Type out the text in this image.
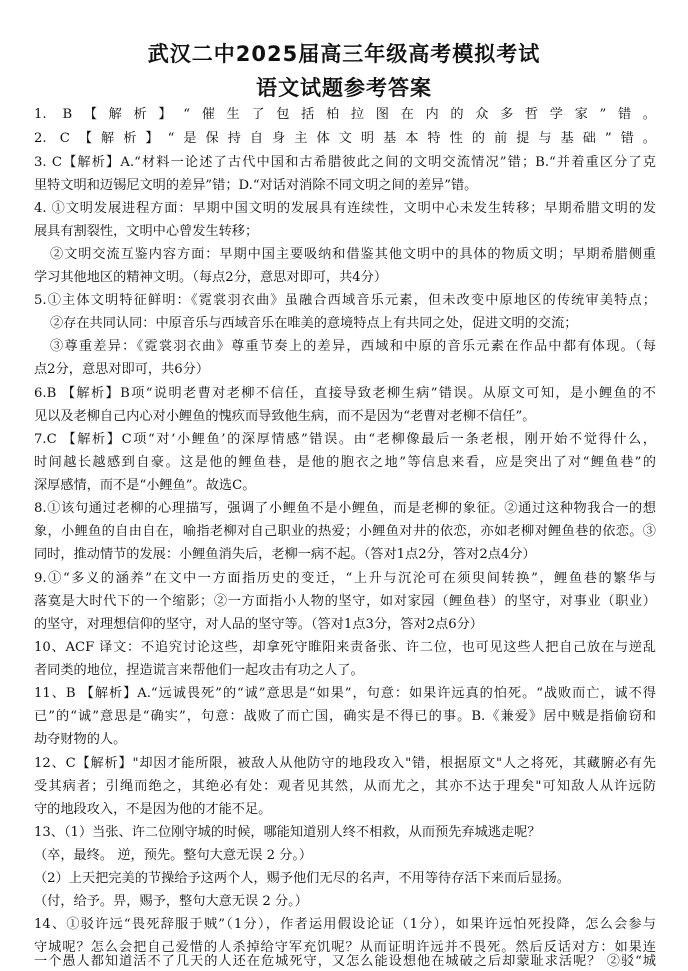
武汉二中2025届高三年级高考模拟考试
语文试题参考答案
1. B【解析】“催生了包括柏拉图在内的众多哲学家”错。
2. C【解析】“是保持自身主体文明基本特性的前提与基础”错。
3. C【解析】A.“材料一论述了古代中国和古希腊彼此之间的文明交流情况”错；B.“并着重区分了克
里特文明和迈锡尼文明的差异”错；D.“对话对消除不同文明之间的差异”错。
4. ①文明发展进程方面：早期中国文明的发展具有连续性，文明中心未发生转移；早期希腊文明的发
展具有割裂性，文明中心曾发生转移；
②文明交流互鉴内容方面：早期中国主要吸纳和借鉴其他文明中的具体的物质文明；早期希腊侧重
学习其他地区的精神文明。（每点2分，意思对即可，共4分）
5.①主体文明特征鲜明：《霓裳羽衣曲》虽融合西域音乐元素，但未改变中原地区的传统审美特点；
②存在共同认同：中原音乐与西域音乐在唯美的意境特点上有共同之处，促进文明的交流；
③尊重差异：《霓裳羽衣曲》尊重节奏上的差异，西域和中原的音乐元素在作品中都有体现。（每
点2分，意思对即可，共6分）
6.B 【解析】B项“说明老曹对老柳不信任，直接导致老柳生病”错误。从原文可知，是小鲤鱼的不
见以及老柳自己内心对小鲤鱼的愧疚而导致他生病，而不是因为“老曹对老柳不信任”。
7.C 【解析】C项“对‘小鲤鱼’的深厚情感”错误。由“老柳像最后一条老根，刚开始不觉得什么，
时间越长越感到自豪。这是他的鲤鱼巷，是他的胞衣之地”等信息来看，应是突出了对“鲤鱼巷”的
深厚感情，而不是“小鲤鱼”。故选C。
8.①该句通过老柳的心理描写，强调了小鲤鱼不是小鲤鱼，而是老柳的象征。②通过这种物我合一的想
象，小鲤鱼的自由自在，喻指老柳对自己职业的热爱；小鲤鱼对井的依恋，亦如老柳对鲤鱼巷的依恋。③
同时，推动情节的发展：小鲤鱼消失后，老柳一病不起。（答对1点2分，答对2点4分）
9.①“多义的涵养”在文中一方面指历史的变迁，“上升与沉沦可在须臾间转换”，鲤鱼巷的繁华与
落寞是大时代下的一个缩影；②一方面指小人物的坚守，如对家园（鲤鱼巷）的坚守，对事业（职业）
的坚守，对理想信仰的坚守，对人品的坚守等。（答对1点3分，答对2点6分）
10、ACF 译文：不追究讨论这些，却拿死守睢阳来责备张、许二位，也可见这些人把自己放在与逆乱
者同类的地位，捏造谎言来帮他们一起攻击有功之人了。
11、B 【解析】A.“远诚畏死”的“诚”意思是“如果”，句意：如果许远真的怕死。“战败而亡，诚不得
已”的“诚”意思是“确实”，句意：战败了而亡国，确实是不得已的事。B.《兼爱》居中贼是指偷窃和
劫夺财物的人。
12、C【解析】"却因才能所限，被敌人从他防守的地段攻入"错，根据原文"人之将死，其藏腑必有先
受其病者；引绳而绝之，其绝必有处：观者见其然，从而尤之，其亦不达于理矣"可知敌人从许远防
守的地段攻入，不是因为他的才能不足。
13、（1）当张、许二位刚守城的时候，哪能知道别人终不相救，从而预先弃城逃走呢？
（卒，最终。 逆，预先。整句大意无误 2 分。）
（2）上天把完美的节操给予这两个人，赐予他们无尽的名声，不用等待存活下来而后显扬。
（付，给予。畀，赐予，整句大意无误 2 分。）
14、①驳许远“畏死辞服于贼”（1分），作者运用假设论证（1分），如果许远怕死投降，怎么会参与
守城呢？怎么会把自己爱惜的人杀掉给守军充饥呢？从而证明许远并不畏死。然后反话对方：如果连
一个愚人都知道活不了几天的人还在危城死守，又怎么能设想他在城破之后却蒙耻求活呢？ ②驳“城
